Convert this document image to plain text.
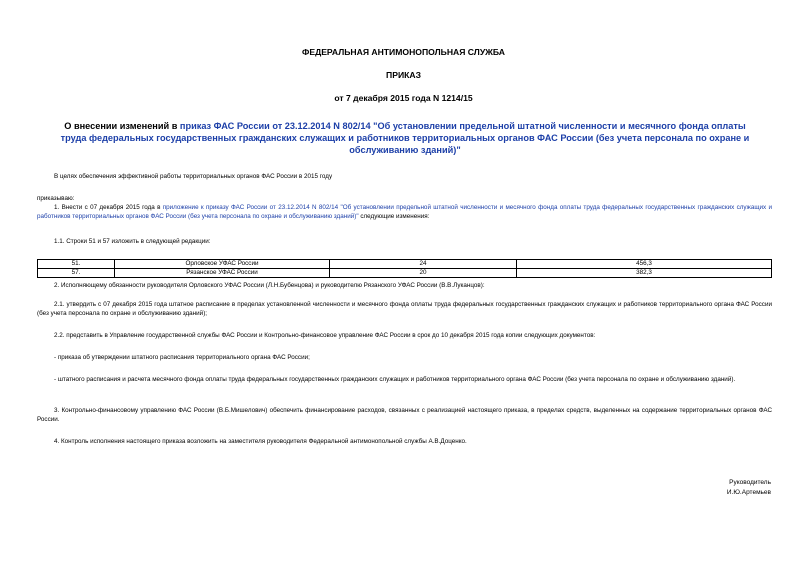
ФЕДЕРАЛЬНАЯ АНТИМОНОПОЛЬНАЯ СЛУЖБА
ПРИКАЗ
от 7 декабря 2015 года N 1214/15
О внесении изменений в приказ ФАС России от 23.12.2014 N 802/14 "Об установлении предельной штатной численности и месячного фонда оплаты труда федеральных государственных гражданских служащих и работников территориальных органов ФАС России (без учета персонала по охране и обслуживанию зданий)"
В целях обеспечения эффективной работы территориальных органов ФАС России в 2015 году
приказываю:
1. Внести с 07 декабря 2015 года в приложение к приказу ФАС России от 23.12.2014 N 802/14 "Об установлении предельной штатной численности и месячного фонда оплаты труда федеральных государственных гражданских служащих и работников территориальных органов ФАС России (без учета персонала по охране и обслуживанию зданий)" следующие изменения:
1.1. Строки 51 и 57 изложить в следующей редакции:
51.	Орловское УФАС России	24	456,3
57.	Рязанское УФАС России	20	382,3
2. Исполняющему обязанности руководителя Орловского УФАС России (Л.Н.Бубенцова) и руководителю Рязанского УФАС России (В.В.Луканцов):
2.1. утвердить с 07 декабря 2015 года штатное расписание в пределах установленной численности и месячного фонда оплаты труда федеральных государственных гражданских служащих и работников территориального органа ФАС России (без учета персонала по охране и обслуживанию зданий);
2.2. представить в Управление государственной службы ФАС России и Контрольно-финансовое управление ФАС России в срок до 10 декабря 2015 года копии следующих документов:
- приказа об утверждении штатного расписания территориального органа ФАС России;
- штатного расписания и расчета месячного фонда оплаты труда федеральных государственных гражданских служащих и работников территориального органа ФАС России (без учета персонала по охране и обслуживанию зданий).
3. Контрольно-финансовому управлению ФАС России (В.Б.Мишелович) обеспечить финансирование расходов, связанных с реализацией настоящего приказа, в пределах средств, выделенных на содержание территориальных органов ФАС России.
4. Контроль исполнения настоящего приказа возложить на заместителя руководителя Федеральной антимонопольной службы А.В.Доценко.
Руководитель
И.Ю.Артемьев
